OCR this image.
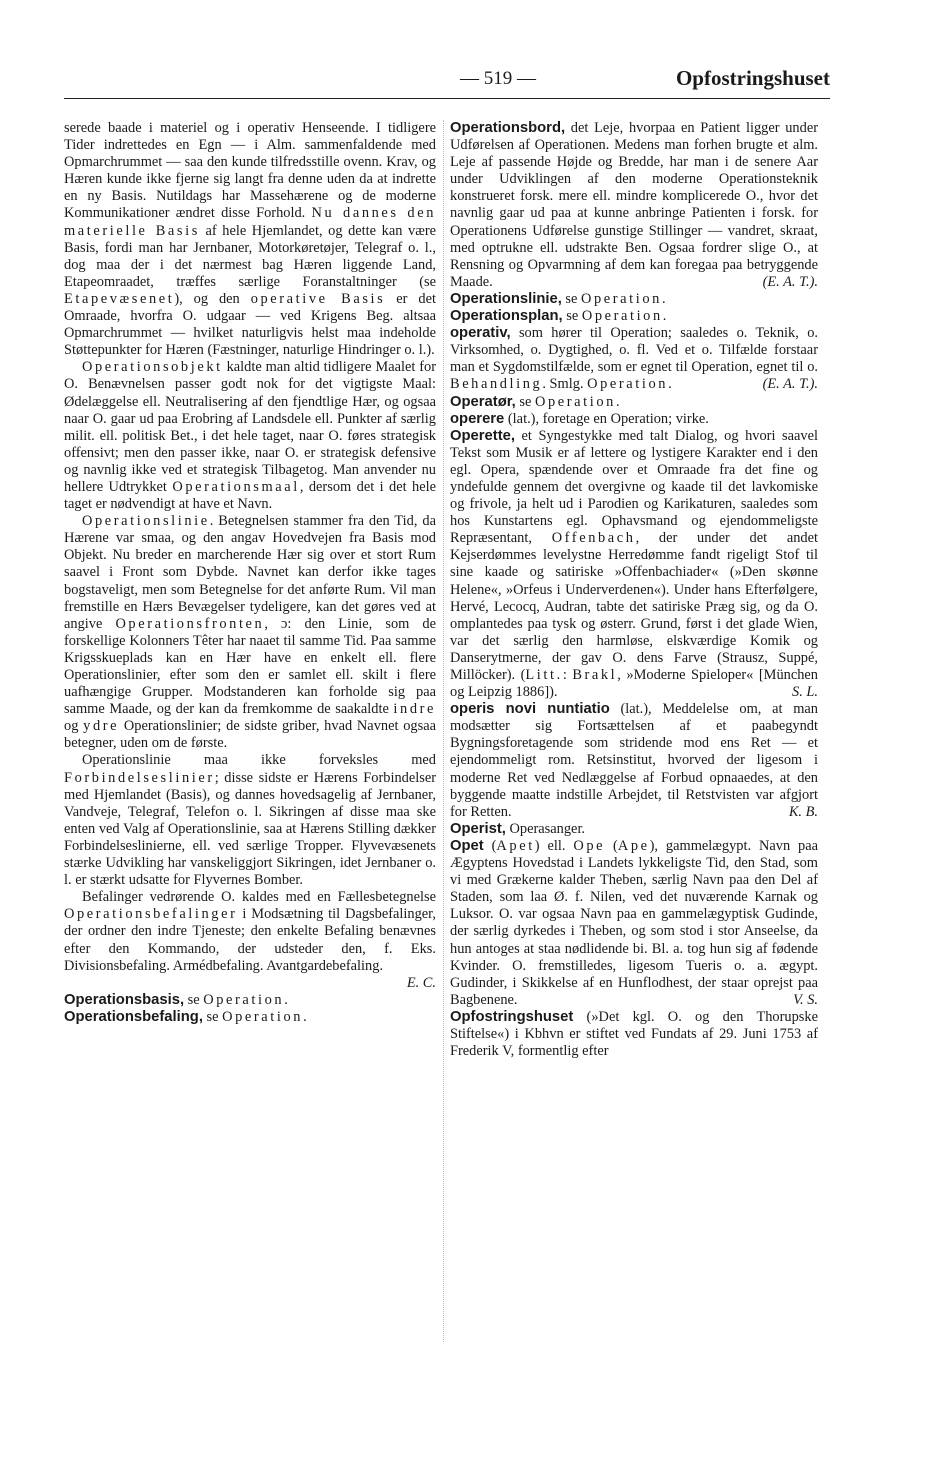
— 519 —	Opfostringshuset

serede baade i materiel og i operativ Henseende. I tidligere Tider indrettedes en Egn — i Alm. sammenfaldende med Opmarchrummet — saa den kunde tilfredsstille ovenn. Krav, og Hæren kunde ikke fjerne sig langt fra denne uden da at indrette en ny Basis. Nutildags har Massehærene og de moderne Kommunikationer ændret disse Forhold. Nu dannes den materielle Basis af hele Hjemlandet, og dette kan være Basis, fordi man har Jernbaner, Motorkøretøjer, Telegraf o. l., dog maa der i det nærmest bag Hæren liggende Land, Etapeomraadet, træffes særlige Foranstaltninger (se Etapevæsenet), og den operative Basis er det Omraade, hvorfra O. udgaar — ved Krigens Beg. altsaa Opmarchrummet — hvilket naturligvis helst maa indeholde Støttepunkter for Hæren (Fæstninger, naturlige Hindringer o. l.).

Operationsobjekt kaldte man altid tidligere Maalet for O. Benævnelsen passer godt nok for det vigtigste Maal: Ødelæggelse ell. Neutralisering af den fjendtlige Hær, og ogsaa naar O. gaar ud paa Erobring af Landsdele ell. Punkter af særlig milit. ell. politisk Bet., i det hele taget, naar O. føres strategisk offensivt; men den passer ikke, naar O. er strategisk defensive og navnlig ikke ved et strategisk Tilbagetog. Man anvender nu hellere Udtrykket Operationsmaal, dersom det i det hele taget er nødvendigt at have et Navn.

Operationslinie. Betegnelsen stammer fra den Tid, da Hærene var smaa, og den angav Hovedvejen fra Basis mod Objekt. Nu breder en marcherende Hær sig over et stort Rum saavel i Front som Dybde. Navnet kan derfor ikke tages bogstaveligt, men som Betegnelse for det anførte Rum. Vil man fremstille en Hærs Bevægelser tydeligere, kan det gøres ved at angive Operationsfronten, ɔ: den Linie, som de forskellige Kolonners Têter har naaet til samme Tid. Paa samme Krigsskueplads kan en Hær have en enkelt ell. flere Operationslinier, efter som den er samlet ell. skilt i flere uafhængige Grupper. Modstanderen kan forholde sig paa samme Maade, og der kan da fremkomme de saakaldte indre og ydre Operationslinier; de sidste griber, hvad Navnet ogsaa betegner, uden om de første.

Operationslinie maa ikke forveksles med Forbindelseslinier; disse sidste er Hærens Forbindelser med Hjemlandet (Basis), og dannes hovedsagelig af Jernbaner, Vandveje, Telegraf, Telefon o. l. Sikringen af disse maa ske enten ved Valg af Operationslinie, saa at Hærens Stilling dækker Forbindelseslinierne, ell. ved særlige Tropper. Flyvevæsenets stærke Udvikling har vanskeliggjort Sikringen, idet Jernbaner o. l. er stærkt udsatte for Flyvernes Bomber.

Befalinger vedrørende O. kaldes med en Fællesbetegnelse Operationsbefalinger i Modsætning til Dagsbefalinger, der ordner den indre Tjeneste; den enkelte Befaling benævnes efter den Kommando, der udsteder den, f. Eks. Divisionsbefaling. Armédbefaling. Avantgardebefaling.
E. C.

Operationsbasis, se Operation.

Operationsbefaling, se Operation.

Operationsbord, det Leje, hvorpaa en Patient ligger under Udførelsen af Operationen. Medens man forhen brugte et alm. Leje af passende Højde og Bredde, har man i de senere Aar under Udviklingen af den moderne Operationsteknik konstrueret forsk. mere ell. mindre komplicerede O., hvor det navnlig gaar ud paa at kunne anbringe Patienten i forsk. for Operationens Udførelse gunstige Stillinger — vandret, skraat, med optrukne ell. udstrakte Ben. Ogsaa fordrer slige O., at Rensning og Opvarmning af dem kan foregaa paa betryggende Maade.	(E. A. T.).

Operationslinie, se Operation.

Operationsplan, se Operation.

operativ, som hører til Operation; saaledes o. Teknik, o. Virksomhed, o. Dygtighed, o. fl. Ved et o. Tilfælde forstaar man et Sygdomstilfælde, som er egnet til Operation, egnet til o. Behandling. Smlg. Operation.	(E. A. T.).

Operatør, se Operation.

operere (lat.), foretage en Operation; virke.

Operette, et Syngestykke med talt Dialog, og hvori saavel Tekst som Musik er af lettere og lystigere Karakter end i den egl. Opera, spændende over et Omraade fra det fine og yndefulde gennem det overgivne og kaade til det lavkomiske og frivole, ja helt ud i Parodien og Karikaturen, saaledes som hos Kunstartens egl. Ophavsmand og ejendommeligste Repræsentant, Offenbach, der under det andet Kejserdømmes levelystne Herredømme fandt rigeligt Stof til sine kaade og satiriske »Offenbachiader« (»Den skønne Helene«, »Orfeus i Underverdenen«). Under hans Efterfølgere, Hervé, Lecocq, Audran, tabte det satiriske Præg sig, og da O. omplantedes paa tysk og østerr. Grund, først i det glade Wien, var det særlig den harmløse, elskværdige Komik og Danserytmerne, der gav O. dens Farve (Strausz, Suppé, Millöcker). (Litt.: Brakl, »Moderne Spieloper« [München og Leipzig 1886]).	S. L.

operis novi nuntiatio (lat.), Meddelelse om, at man modsætter sig Fortsættelsen af et paabegyndt Bygningsforetagende som stridende mod ens Ret — et ejendommeligt rom. Retsinstitut, hvorved der ligesom i moderne Ret ved Nedlæggelse af Forbud opnaaedes, at den byggende maatte indstille Arbejdet, til Retstvisten var afgjort for Retten.	K. B.

Operist, Operasanger.

Opet (Apet) ell. Ope (Ape), gammelægypt. Navn paa Ægyptens Hovedstad i Landets lykkeligste Tid, den Stad, som vi med Grækerne kalder Theben, særlig Navn paa den Del af Staden, som laa Ø. f. Nilen, ved det nuværende Karnak og Luksor. O. var ogsaa Navn paa en gammelægyptisk Gudinde, der særlig dyrkedes i Theben, og som stod i stor Anseelse, da hun antoges at staa nødlidende bi. Bl. a. tog hun sig af fødende Kvinder. O. fremstilledes, ligesom Tueris o. a. ægypt. Gudinder, i Skikkelse af en Hunflodhest, der staar oprejst paa Bagbenene.	V. S.

Opfostringshuset (»Det kgl. O. og den Thorupske Stiftelse«) i Kbhvn er stiftet ved Fundats af 29. Juni 1753 af Frederik V, formentlig efter
